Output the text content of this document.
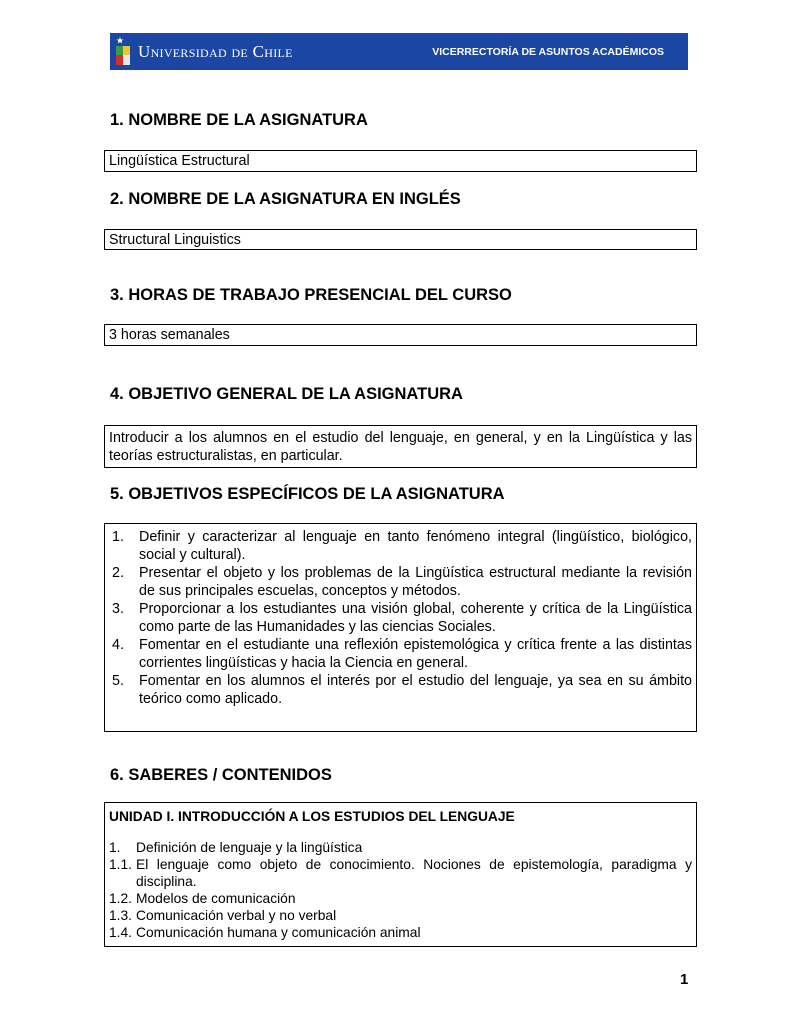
Universidad de Chile	VICERRECTORÍA DE ASUNTOS ACADÉMICOS
1. NOMBRE DE LA ASIGNATURA
Lingüística Estructural
2. NOMBRE DE LA ASIGNATURA EN INGLÉS
Structural Linguistics
3. HORAS DE TRABAJO PRESENCIAL DEL CURSO
3 horas semanales
4. OBJETIVO GENERAL DE LA ASIGNATURA
Introducir a los alumnos en el estudio del lenguaje, en general, y en la Lingüística y las teorías estructuralistas, en particular.
5. OBJETIVOS ESPECÍFICOS DE LA ASIGNATURA
1. Definir y caracterizar al lenguaje en tanto fenómeno integral (lingüístico, biológico, social y cultural).
2. Presentar el objeto y los problemas de la Lingüística estructural mediante la revisión de sus principales escuelas, conceptos y métodos.
3. Proporcionar a los estudiantes una visión global, coherente y crítica de la Lingüística como parte de las Humanidades y las ciencias Sociales.
4. Fomentar en el estudiante una reflexión epistemológica y crítica frente a las distintas corrientes lingüísticas y hacia la Ciencia en general.
5. Fomentar en los alumnos el interés por el estudio del lenguaje, ya sea en su ámbito teórico como aplicado.
6. SABERES / CONTENIDOS
UNIDAD I. INTRODUCCIÓN A LOS ESTUDIOS DEL LENGUAJE
1. Definición de lenguaje y la lingüística
1.1. El lenguaje como objeto de conocimiento. Nociones de epistemología, paradigma y disciplina.
1.2. Modelos de comunicación
1.3. Comunicación verbal y no verbal
1.4. Comunicación humana y comunicación animal
1
